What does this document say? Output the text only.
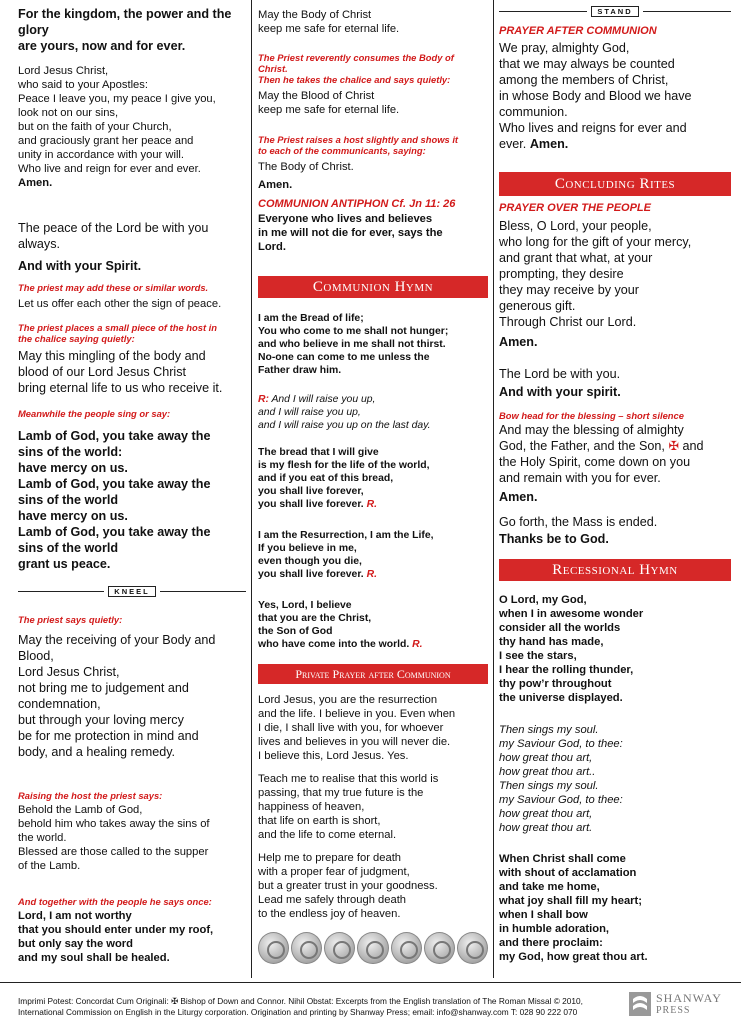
For the kingdom, the power and the
glory
are yours, now and for ever.

Lord Jesus Christ,
who said to your Apostles:
Peace I leave you, my peace I give you,
look not on our sins,
but on the faith of your Church,
and graciously grant her peace and
unity in accordance with your will.
Who live and reign for ever and ever.

Amen.

The peace of the Lord be with you
always.

And with your Spirit.

The priest may add these or similar words.

Let us offer each other the sign of peace.

The priest places a small piece of the host in
the chalice saying quietly:

May this mingling of the body and
blood of our Lord Jesus Christ
bring eternal life to us who receive it.

Meanwhile the people sing or say:

Lamb of God, you take away the
sins of the world:
have mercy on us.
Lamb of God, you take away the
sins of the world
have mercy on us.
Lamb of God, you take away the
sins of the world
grant us peace.

KNEEL

The priest says quietly:

May the receiving of your Body and
Blood,
Lord Jesus Christ,
not bring me to judgement and
condemnation,
but through your loving mercy
be for me protection in mind and
body, and a healing remedy.

Raising the host the priest says:

Behold the Lamb of God,
behold him who takes away the sins of
the world.
Blessed are those called to the supper
of the Lamb.

And together with the people he says once:

Lord, I am not worthy
that you should enter under my roof,
but only say the word
and my soul shall be healed.

May the Body of Christ
keep me safe for eternal life.

The Priest reverently consumes the Body of
Christ.
Then he takes the chalice and says quietly:

May the Blood of Christ
keep me safe for eternal life.

The Priest raises a host slightly and shows it
to each of the communicants, saying:

The Body of Christ.

Amen.

COMMUNION ANTIPHON Cf. Jn 11: 26

Everyone who lives and believes
in me will not die for ever, says the
Lord.

Communion Hymn

I am the Bread of life;
You who come to me shall not hunger;
and who believe in me shall not thirst.
No-one can come to me unless the
Father draw him.

R: And I will raise you up,
and I will raise you up,
and I will raise you up on the last day.

The bread that I will give
is my flesh for the life of the world,
and if you eat of this bread,
you shall live forever,
you shall live forever. R.

I am the Resurrection, I am the Life,
If you believe in me,
even though you die,
you shall live forever. R.

Yes, Lord, I believe
that you are the Christ,
the Son of God
who have come into the world. R.

Private Prayer after Communion

Lord Jesus, you are the resurrection
and the life. I believe in you. Even when
I die, I shall live with you, for whoever
lives and believes in you will never die.
I believe this, Lord Jesus. Yes.

Teach me to realise that this world is
passing, that my true future is the
happiness of heaven,
that life on earth is short,
and the life to come eternal.

Help me to prepare for death
with a proper fear of judgment,
but a greater trust in your goodness.
Lead me safely through death
to the endless joy of heaven.

STAND

PRAYER AFTER COMMUNION

We pray, almighty God,
that we may always be counted
among the members of Christ,
in whose Body and Blood we have
communion.
Who lives and reigns for ever and
ever. Amen.

Concluding Rites

PRAYER OVER THE PEOPLE

Bless, O Lord, your people,
who long for the gift of your mercy,
and grant that what, at your
prompting, they desire
they may receive by your
generous gift.
Through Christ our Lord.

Amen.

The Lord be with you.

And with your spirit.

Bow head for the blessing – short silence

And may the blessing of almighty
God, the Father, and the Son, ✠ and
the Holy Spirit, come down on you
and remain with you for ever.

Amen.

Go forth, the Mass is ended.

Thanks be to God.

Recessional Hymn

O Lord, my God,
when I in awesome wonder
consider all the worlds
thy hand has made,
I see the stars,
I hear the rolling thunder,
thy pow’r throughout
the universe displayed.

Then sings my soul.
my Saviour God, to thee:
how great thou art,
how great thou art..
Then sings my soul.
my Saviour God, to thee:
how great thou art,
how great thou art.

When Christ shall come
with shout of acclamation
and take me home,
what joy shall fill my heart;
when I shall bow
in humble adoration,
and there proclaim:
my God, how great thou art.

Imprimi Potest: Concordat Cum Originali: ✠ Bishop of Down and Connor. Nihil Obstat: Excerpts from the English translation of The Roman Missal © 2010, International Commission on English in the Liturgy corporation. Origination and printing by Shanway Press; email: info@shanway.com T: 028 90 222 070

SHANWAY
PRESS
